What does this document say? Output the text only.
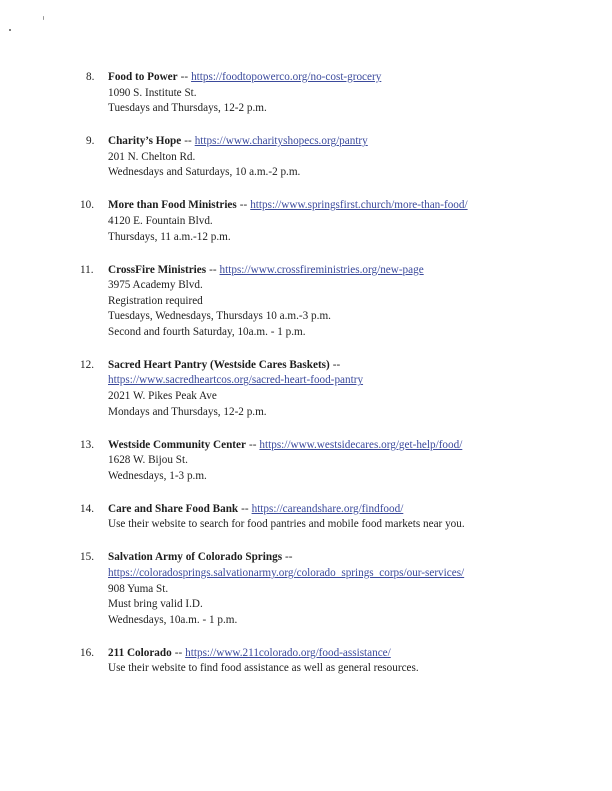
8.	Food to Power -- https://foodtopowerco.org/no-cost-grocery
1090 S. Institute St.
Tuesdays and Thursdays, 12-2 p.m.
9.	Charity’s Hope -- https://www.charityshopecs.org/pantry
201 N. Chelton Rd.
Wednesdays and Saturdays, 10 a.m.-2 p.m.
10.	More than Food Ministries -- https://www.springsfirst.church/more-than-food/
4120 E. Fountain Blvd.
Thursdays, 11 a.m.-12 p.m.
11.	CrossFire Ministries -- https://www.crossfireministries.org/new-page
3975 Academy Blvd.
Registration required
Tuesdays, Wednesdays, Thursdays 10 a.m.-3 p.m.
Second and fourth Saturday, 10a.m. - 1 p.m.
12.	Sacred Heart Pantry (Westside Cares Baskets) --
https://www.sacredheartcos.org/sacred-heart-food-pantry
2021 W. Pikes Peak Ave
Mondays and Thursdays, 12-2 p.m.
13.	Westside Community Center -- https://www.westsidecares.org/get-help/food/
1628 W. Bijou St.
Wednesdays, 1-3 p.m.
14.	Care and Share Food Bank -- https://careandshare.org/findfood/
Use their website to search for food pantries and mobile food markets near you.
15.	Salvation Army of Colorado Springs --
https://coloradosprings.salvationarmy.org/colorado_springs_corps/our-services/
908 Yuma St.
Must bring valid I.D.
Wednesdays, 10a.m. - 1 p.m.
16.	211 Colorado -- https://www.211colorado.org/food-assistance/
Use their website to find food assistance as well as general resources.
